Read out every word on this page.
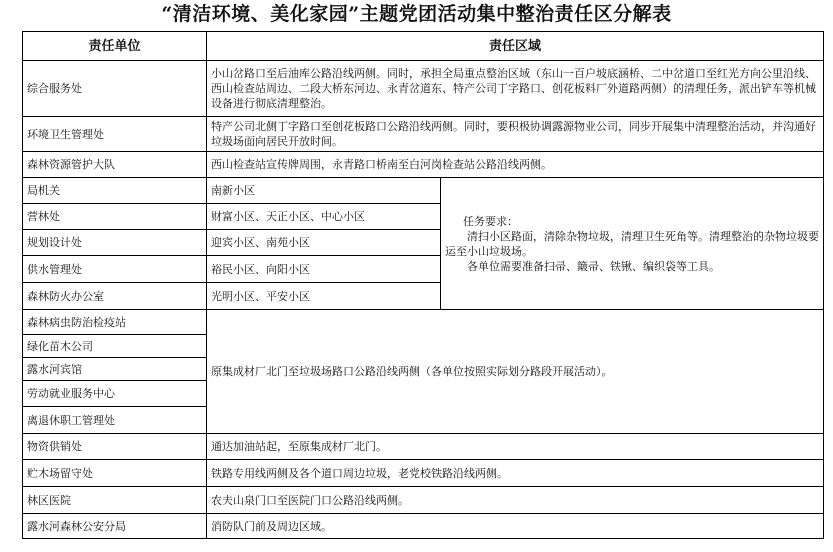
“清洁环境、美化家园”主题党团活动集中整治责任区分解表
责任单位	责任区域	
综合服务处	小山岔路口至后油库公路沿线两侧。同时，承担全局重点整治区域（东山一百户坡底涵桥、二中岔道口至红光方向公里沿线、西山检查站周边、二段大桥东河边、永青岔道东、特产公司丁字路口、创花板料厂外道路两侧）的清理任务，派出铲车等机械设备进行彻底清理整治。	
环境卫生管理处	特产公司北侧丁字路口至创花板路口公路沿线两侧。同时，要积极协调露源物业公司，同步开展集中清理整治活动，并沟通好垃圾场面向居民开放时间。	
森林资源管护大队	西山检查站宣传牌周围，永青路口桥南至白河岗检查站公路沿线两侧。	
局机关	南新小区	任务要求：
清扫小区路面，清除杂物垃圾，清理卫生死角等。清理整治的杂物垃圾要运至小山垃圾场。
各单位需要准备扫帚、簸帚、铁锹、编织袋等工具。

营林处	财富小区、天正小区、中心小区	
规划设计处	迎宾小区、南苑小区	
供水管理处	裕民小区、向阳小区	
森林防火办公室	光明小区、平安小区	
森林病虫防治检疫站	原集成材厂北门至垃圾场路口公路沿线两侧（各单位按照实际划分路段开展活动）。	
绿化苗木公司		
露水河宾馆		
劳动就业服务中心		
离退休职工管理处		
物资供销处	通达加油站起，至原集成材厂北门。	
贮木场留守处	铁路专用线两侧及各个道口周边垃圾，老党校铁路沿线两侧。	
林区医院	农夫山泉门口至医院门口公路沿线两侧。	
露水河森林公安分局	消防队门前及周边区域。	
